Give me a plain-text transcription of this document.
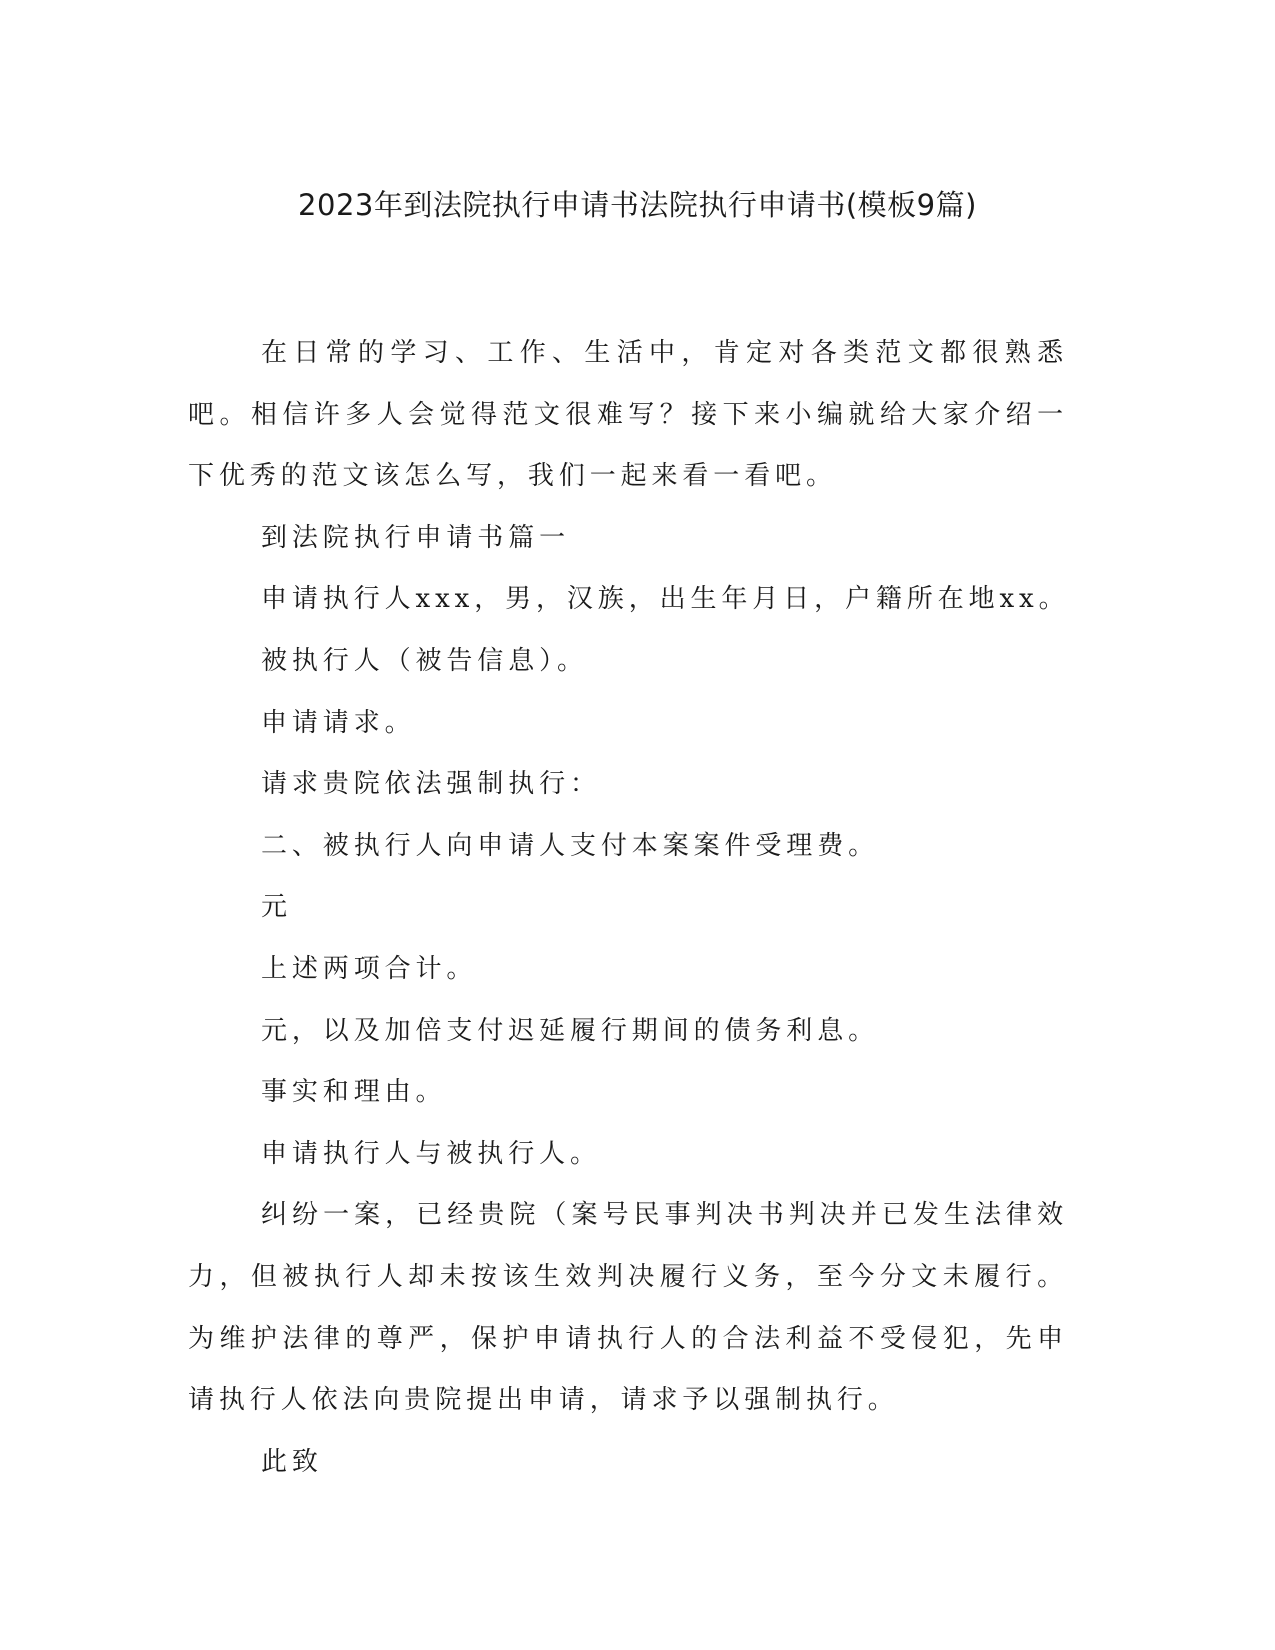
2023年到法院执行申请书法院执行申请书(模板9篇)

在日常的学习、工作、生活中，肯定对各类范文都很熟悉吧。相信许多人会觉得范文很难写？接下来小编就给大家介绍一下优秀的范文该怎么写，我们一起来看一看吧。

到法院执行申请书篇一

申请执行人xxx，男，汉族，出生年月日，户籍所在地xx。

被执行人（被告信息）。

申请请求。

请求贵院依法强制执行：

二、被执行人向申请人支付本案案件受理费。

元

上述两项合计。

元，以及加倍支付迟延履行期间的债务利息。

事实和理由。

申请执行人与被执行人。

纠纷一案，已经贵院（案号民事判决书判决并已发生法律效力，但被执行人却未按该生效判决履行义务，至今分文未履行。为维护法律的尊严，保护申请执行人的合法利益不受侵犯，先申请执行人依法向贵院提出申请，请求予以强制执行。

此致
